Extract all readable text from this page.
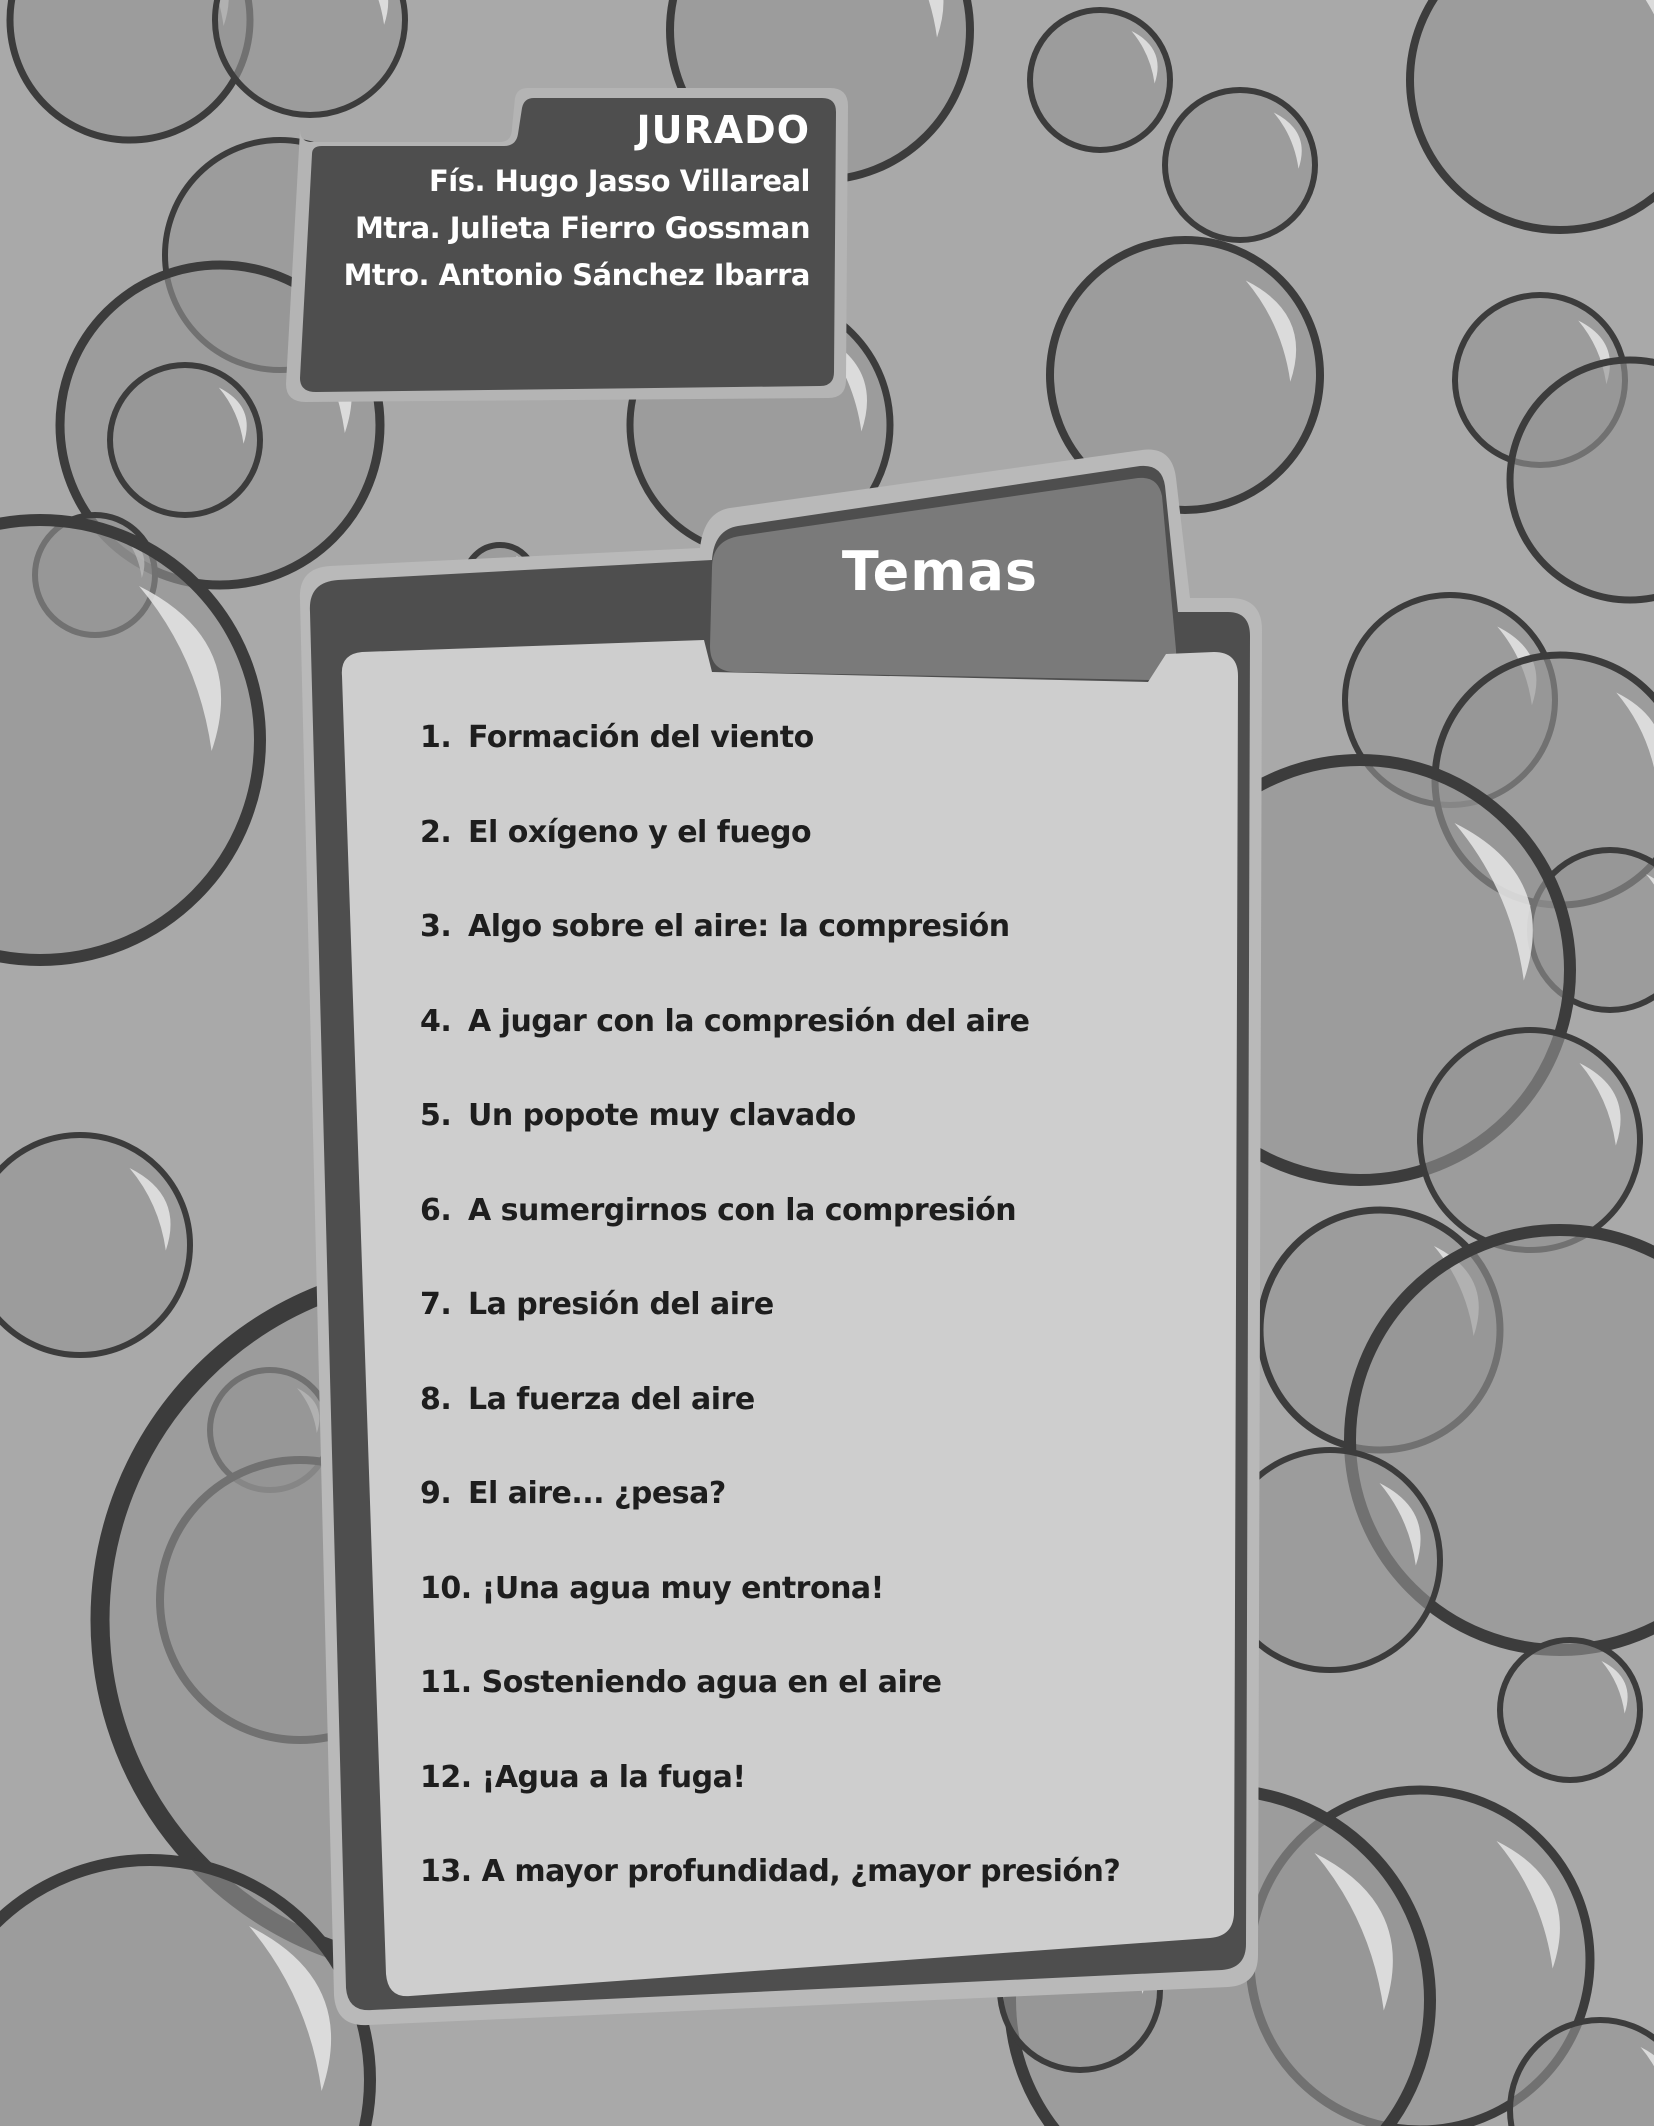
JURADO
Fís. Hugo Jasso Villareal
Mtra. Julieta Fierro Gossman
Mtro. Antonio Sánchez Ibarra
Temas
1. Formación del viento
2. El oxígeno y el fuego
3. Algo sobre el aire: la compresión
4. A jugar con la compresión del aire
5. Un popote muy clavado
6. A sumergirnos con la compresión
7. La presión del aire
8. La fuerza del aire
9. El aire... ¿pesa?
10. ¡Una agua muy entrona!
11. Sosteniendo agua en el aire
12. ¡Agua a la fuga!
13. A mayor profundidad, ¿mayor presión?
